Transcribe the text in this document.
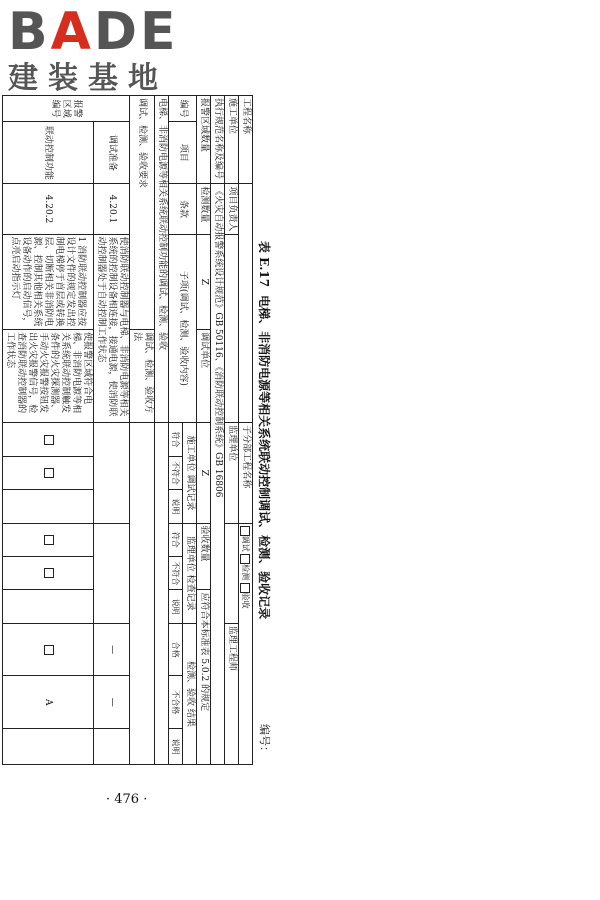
BADE
建装基地
· 476 ·
表 E.17电梯、非消防电源等相关系统联动控制调试、检测、验收记录
编号：
工程名称					子分部工程名称			调试 检测 验收					
施工单位		项目负责人			监理单位						监理工程师		
执行规范名称及编号		《火灾自动报警系统设计规范》GB 50116、《消防联动控制系统》GB 16806											
报警区域数量		检测数量	Z	调试单位	Z			验收数量		应符合本标准表 5.0.2 的规定			
编号	项目	条款	子项(调试、检测、验收内容)		施工单位 调试记录			监理单位 检查记录			检测、验收 结果		
					符合	不符合	说明	符合	不符合	说明	合格	不合格	说明
电梯、非消防电源等相关系统联动控制功能的调试、检测、验收													
调试、检测、验收要求				调试、检测、验收方法									
报警区域编号	调试准备	4.20.1	使消防联动控制器与电梯、非消防电源等相关系统的控制设备相连接，接通电源，使消防联动控制器处于自动控制工作状态								—	—	
	联动控制功能	4.20.2	1 消防联动控制器应按设计文件的规定发出控制电梯停于首层或转换层、切断相关非消防电源、控制其他相关系统设备动作的启动信号，点亮启动指示灯	使报警区域符合电梯、非消防电源等相关系统联动控制触发条件的火灾探测器、手动火灾报警按钮发出火灾报警信号，检查消防联动控制器的工作状态								A	
